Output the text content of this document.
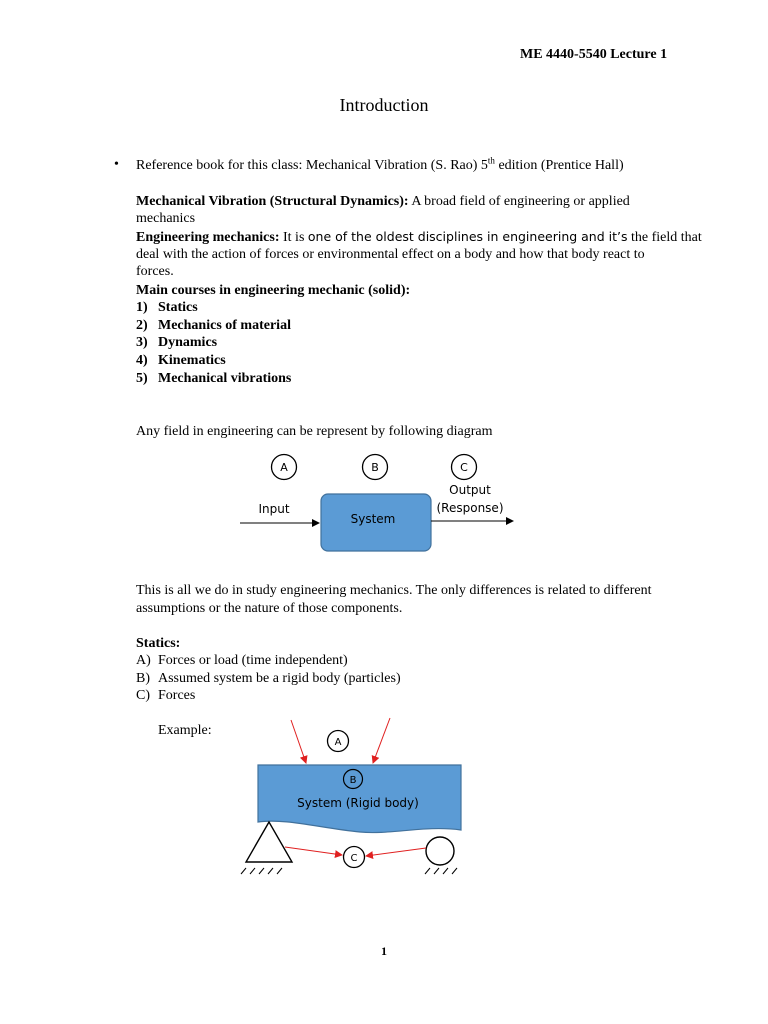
ME 4440-5540 Lecture 1
Introduction
• Reference book for this class: Mechanical Vibration (S. Rao) 5th edition (Prentice Hall)
Mechanical Vibration (Structural Dynamics): A broad field of engineering or applied
mechanics
Engineering mechanics: It is one of the oldest disciplines in engineering and it’s the field that
deal with the action of forces or environmental effect on a body and how that body react to
forces.
Main courses in engineering mechanic (solid):
1) Statics
2) Mechanics of material
3) Dynamics
4) Kinematics
5) Mechanical vibrations
Any field in engineering can be represent by following diagram
A	B	C
Input
System
Output
(Response)
This is all we do in study engineering mechanics. The only differences is related to different
assumptions or the nature of those components.
Statics:
A) Forces or load (time independent)
B) Assumed system be a rigid body (particles)
C) Forces
Example:
A
B
System (Rigid body)
C
1
